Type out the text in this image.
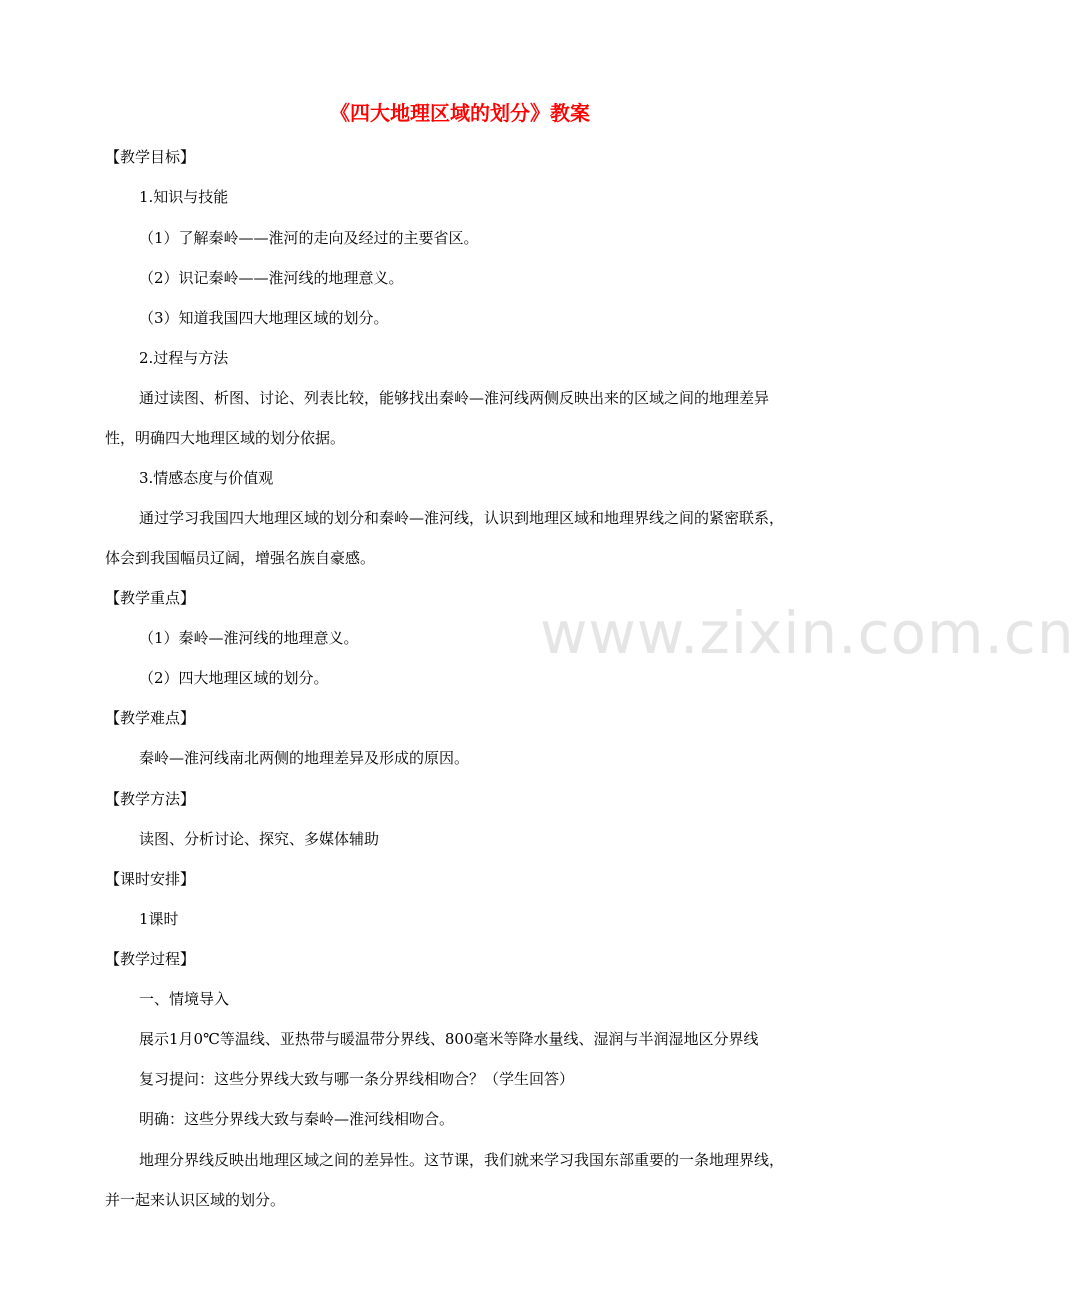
www.zixin.com.cn
《四大地理区域的划分》教案
【教学目标】
1.知识与技能
（1）了解秦岭——淮河的走向及经过的主要省区。
（2）识记秦岭——淮河线的地理意义。
（3）知道我国四大地理区域的划分。
2.过程与方法
通过读图、析图、讨论、列表比较，能够找出秦岭—淮河线两侧反映出来的区域之间的地理差异
性，明确四大地理区域的划分依据。
3.情感态度与价值观
通过学习我国四大地理区域的划分和秦岭—淮河线，认识到地理区域和地理界线之间的紧密联系，
体会到我国幅员辽阔，增强名族自豪感。
【教学重点】
（1）秦岭—淮河线的地理意义。
（2）四大地理区域的划分。
【教学难点】
秦岭—淮河线南北两侧的地理差异及形成的原因。
【教学方法】
读图、分析讨论、探究、多媒体辅助
【课时安排】
1课时
【教学过程】
一、情境导入
展示1月0℃等温线、亚热带与暖温带分界线、800毫米等降水量线、湿润与半润湿地区分界线
复习提问：这些分界线大致与哪一条分界线相吻合？（学生回答）
明确：这些分界线大致与秦岭—淮河线相吻合。
地理分界线反映出地理区域之间的差异性。这节课，我们就来学习我国东部重要的一条地理界线，
并一起来认识区域的划分。
